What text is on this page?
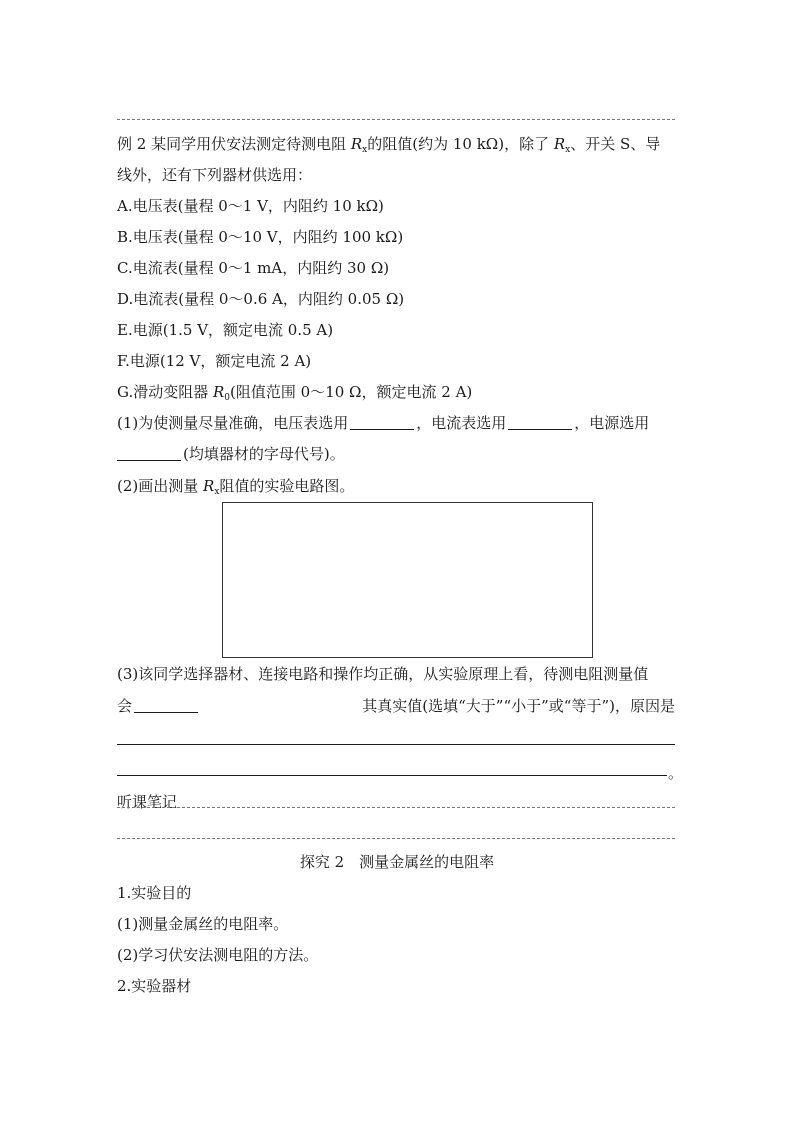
例 2 某同学用伏安法测定待测电阻 $R_x$的阻值(约为 10 kΩ)，除了 $R_x$、开关 S、导
线外，还有下列器材供选用：
A.电压表(量程 0～1 V，内阻约 10 kΩ)
B.电压表(量程 0～10 V，内阻约 100 kΩ)
C.电流表(量程 0～1 mA，内阻约 30 Ω)
D.电流表(量程 0～0.6 A，内阻约 0.05 Ω)
E.电源(1.5 V，额定电流 0.5 A)
F.电源(12 V，额定电流 2 A)
G.滑动变阻器 $R_0$(阻值范围 0～10 Ω，额定电流 2 A)
(1)为使测量尽量准确，电压表选用	，电流表选用	，电源选用
(均填器材的字母代号)。
(2)画出测量 $R_x$阻值的实验电路图。
(3)该同学选择器材、连接电路和操作均正确，从实验原理上看，待测电阻测量值
会	其真实值(选填“大于”“小于”或“等于”)，原因是
。
听课笔记
探究 2　测量金属丝的电阻率
1.实验目的
(1)测量金属丝的电阻率。
(2)学习伏安法测电阻的方法。
2.实验器材
